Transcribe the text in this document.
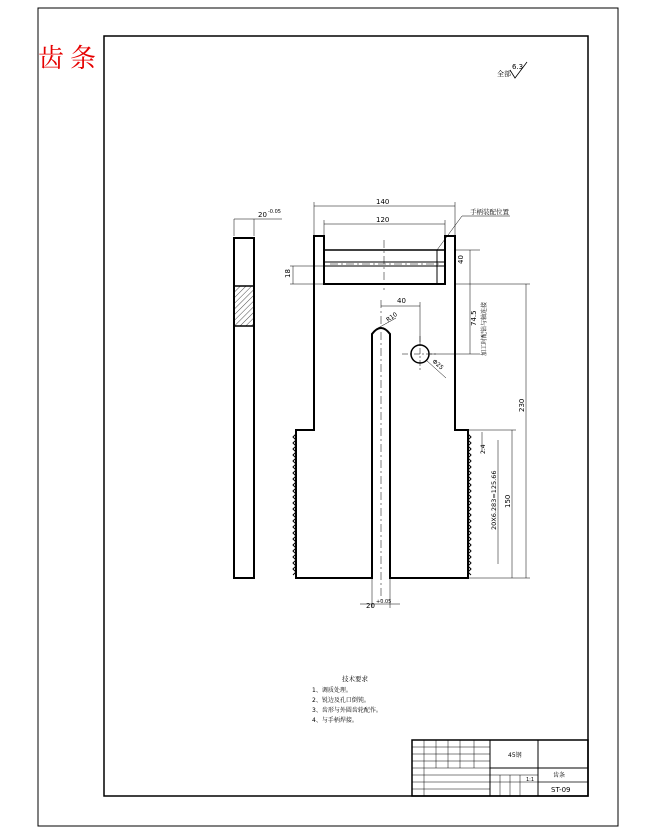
齿条	全部
6.3
20 -0.05
140
120
40
18
40
74.5
R10
Φ25
230
2.4
150
20X6.283=125.66
20 +0.05
手柄装配位置
加工时配钻与轴连接
技术要求
1、调质处理。
2、锐边及孔口倒钝。
3、齿形与外圆齿轮配作。
4、与手柄焊接。
45钢
齿条
ST-09
1:1
